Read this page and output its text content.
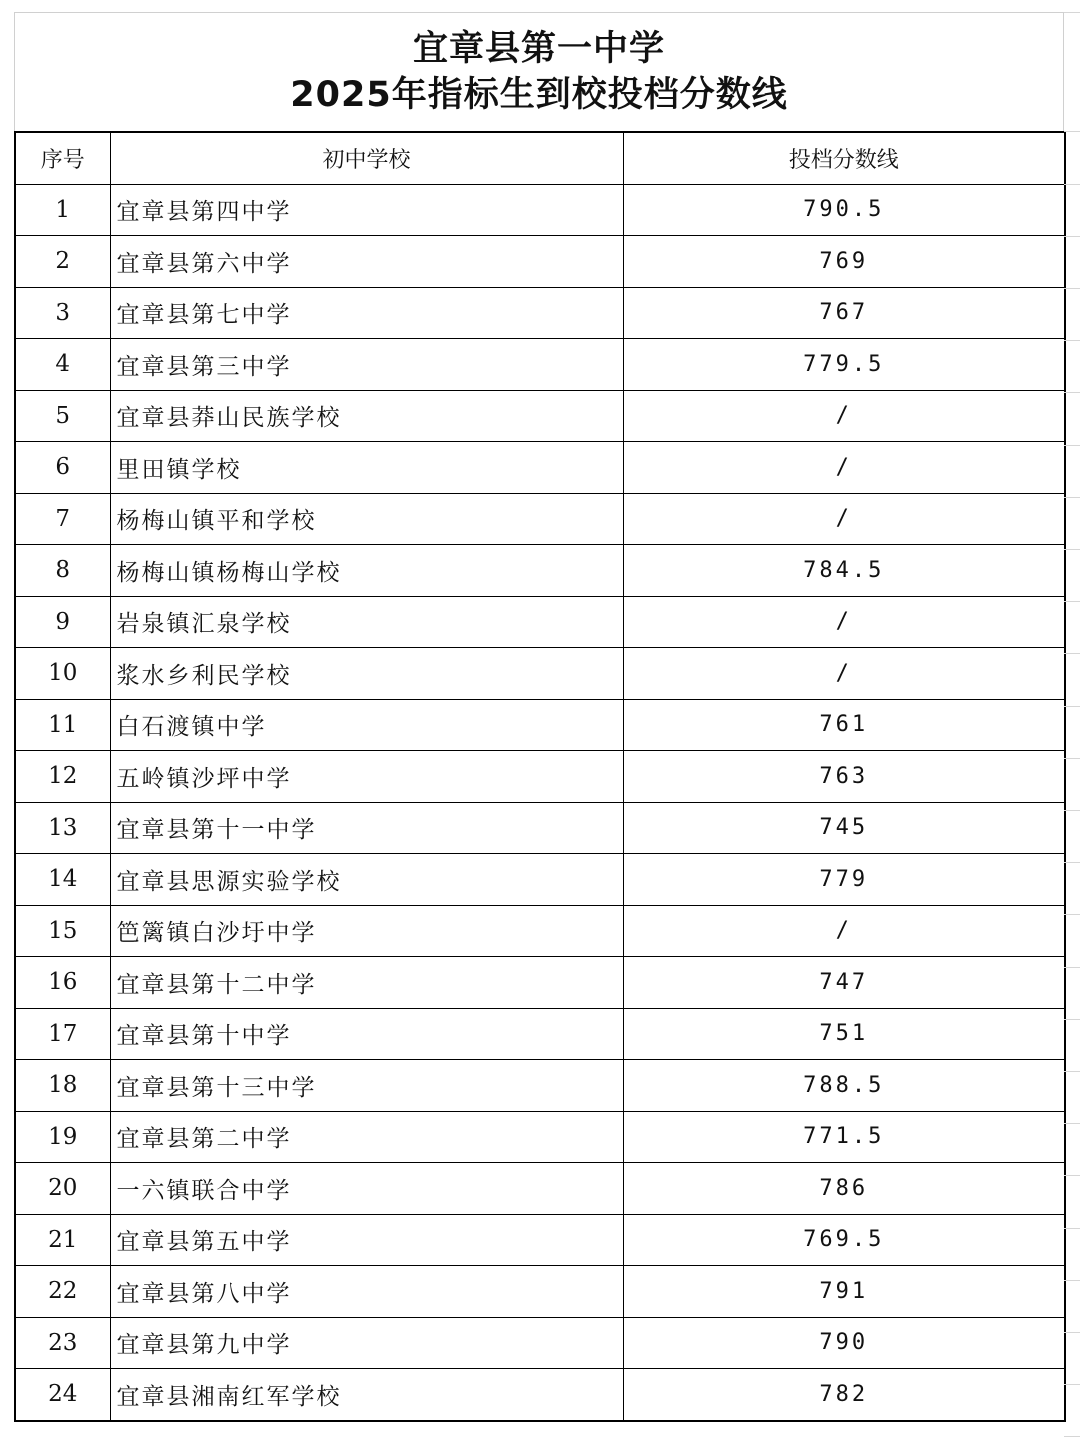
宜章县第一中学
2025年指标生到校投档分数线
序号	初中学校	投档分数线
1	宜章县第四中学	790.5
2	宜章县第六中学	769
3	宜章县第七中学	767
4	宜章县第三中学	779.5
5	宜章县莽山民族学校	/
6	里田镇学校	/
7	杨梅山镇平和学校	/
8	杨梅山镇杨梅山学校	784.5
9	岩泉镇汇泉学校	/
10	浆水乡利民学校	/
11	白石渡镇中学	761
12	五岭镇沙坪中学	763
13	宜章县第十一中学	745
14	宜章县思源实验学校	779
15	笆篱镇白沙圩中学	/
16	宜章县第十二中学	747
17	宜章县第十中学	751
18	宜章县第十三中学	788.5
19	宜章县第二中学	771.5
20	一六镇联合中学	786
21	宜章县第五中学	769.5
22	宜章县第八中学	791
23	宜章县第九中学	790
24	宜章县湘南红军学校	782
